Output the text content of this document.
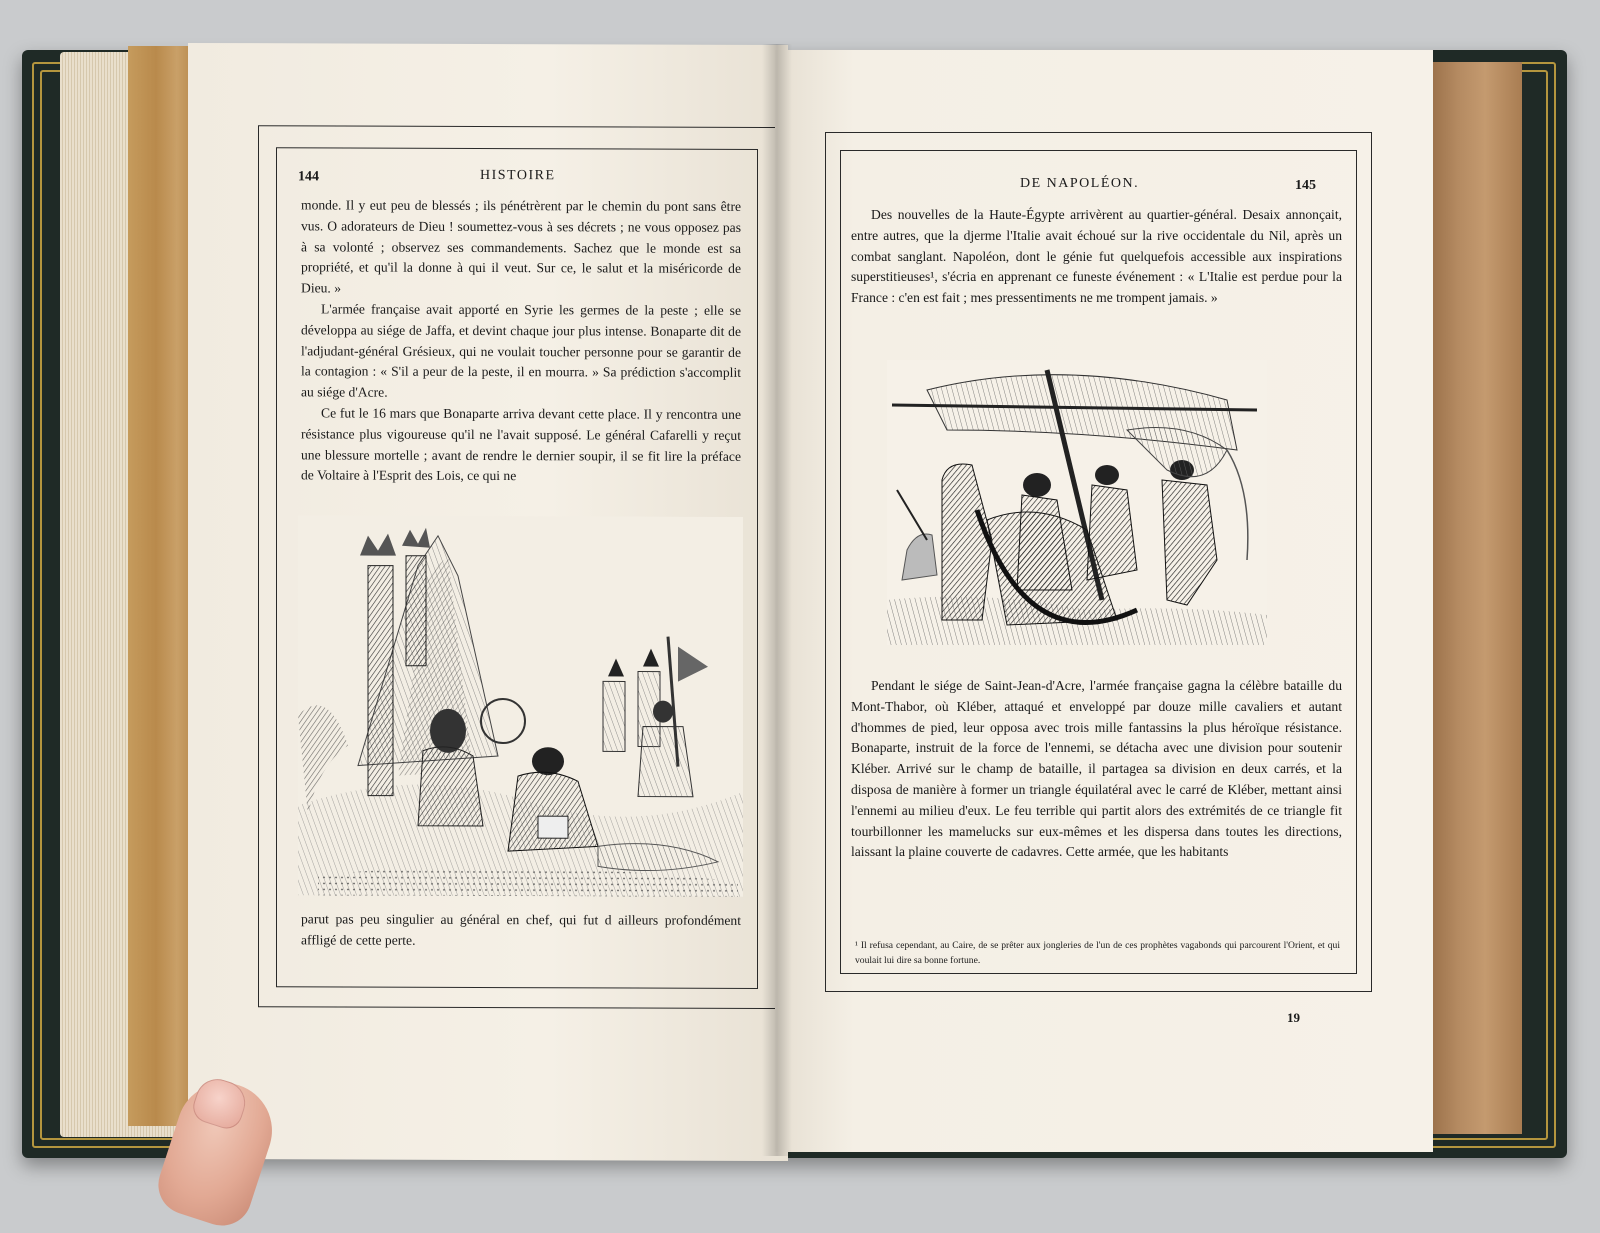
144	HISTOIRE

monde. Il y eut peu de blessés ; ils pénétrèrent par le chemin du pont sans être vus. O adorateurs de Dieu ! soumettez-vous à ses décrets ; ne vous opposez pas à sa volonté ; observez ses commandements. Sachez que le monde est sa propriété, et qu'il la donne à qui il veut. Sur ce, le salut et la miséricorde de Dieu. »

L'armée française avait apporté en Syrie les germes de la peste ; elle se développa au siége de Jaffa, et devint chaque jour plus intense. Bonaparte dit de l'adjudant-général Grésieux, qui ne voulait toucher personne pour se garantir de la contagion : « S'il a peur de la peste, il en mourra. » Sa prédiction s'accomplit au siége d'Acre.

Ce fut le 16 mars que Bonaparte arriva devant cette place. Il y rencontra une résistance plus vigoureuse qu'il ne l'avait supposé. Le général Cafarelli y reçut une blessure mortelle ; avant de rendre le dernier soupir, il se fit lire la préface de Voltaire à l'Esprit des Lois, ce qui ne

parut pas peu singulier au général en chef, qui fut d ailleurs profondément affligé de cette perte.

DE NAPOLÉON.	145

Des nouvelles de la Haute-Égypte arrivèrent au quartier-général. Desaix annonçait, entre autres, que la djerme l'Italie avait échoué sur la rive occidentale du Nil, après un combat sanglant. Napoléon, dont le génie fut quelquefois accessible aux inspirations superstitieuses¹, s'écria en apprenant ce funeste événement : « L'Italie est perdue pour la France : c'en est fait ; mes pressentiments ne me trompent jamais. »

Pendant le siége de Saint-Jean-d'Acre, l'armée française gagna la célèbre bataille du Mont-Thabor, où Kléber, attaqué et enveloppé par douze mille cavaliers et autant d'hommes de pied, leur opposa avec trois mille fantassins la plus héroïque résistance. Bonaparte, instruit de la force de l'ennemi, se détacha avec une division pour soutenir Kléber. Arrivé sur le champ de bataille, il partagea sa division en deux carrés, et la disposa de manière à former un triangle équilatéral avec le carré de Kléber, mettant ainsi l'ennemi au milieu d'eux. Le feu terrible qui partit alors des extrémités de ce triangle fit tourbillonner les mamelucks sur eux-mêmes et les dispersa dans toutes les directions, laissant la plaine couverte de cadavres. Cette armée, que les habitants

¹ Il refusa cependant, au Caire, de se prêter aux jongleries de l'un de ces prophètes vagabonds qui parcourent l'Orient, et qui voulait lui dire sa bonne fortune.
19
